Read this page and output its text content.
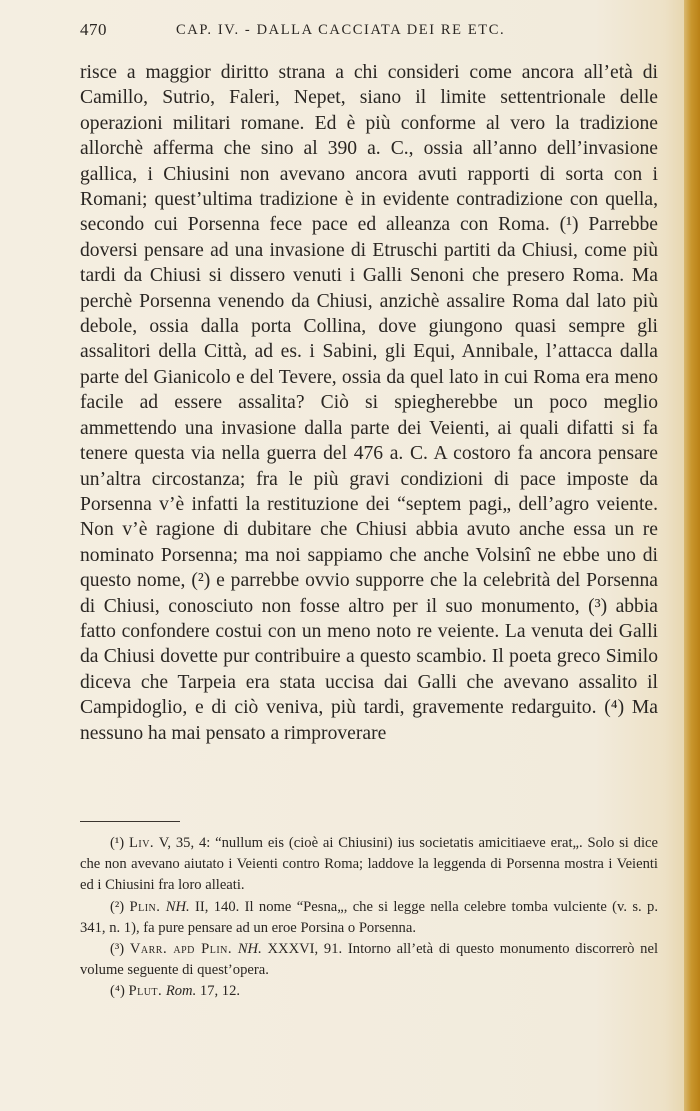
470	CAP. IV. - DALLA CACCIATA DEI RE ETC.

risce a maggior diritto strana a chi consideri come ancora all’età di Camillo, Sutrio, Faleri, Nepet, siano il limite settentrionale delle operazioni militari romane. Ed è più conforme al vero la tradizione allorchè afferma che sino al 390 a. C., ossia all’anno dell’invasione gallica, i Chiusini non avevano ancora avuti rapporti di sorta con i Romani; quest’ultima tradizione è in evidente contradizione con quella, secondo cui Porsenna fece pace ed alleanza con Roma. (¹) Parrebbe doversi pensare ad una invasione di Etruschi partiti da Chiusi, come più tardi da Chiusi si dissero venuti i Galli Senoni che presero Roma. Ma perchè Porsenna venendo da Chiusi, anzichè assalire Roma dal lato più debole, ossia dalla porta Collina, dove giungono quasi sempre gli assalitori della Città, ad es. i Sabini, gli Equi, Annibale, l’attacca dalla parte del Gianicolo e del Tevere, ossia da quel lato in cui Roma era meno facile ad essere assalita? Ciò si spiegherebbe un poco meglio ammettendo una invasione dalla parte dei Veienti, ai quali difatti si fa tenere questa via nella guerra del 476 a. C. A costoro fa ancora pensare un’altra circostanza; fra le più gravi condizioni di pace imposte da Porsenna v’è infatti la restituzione dei “septem pagi„ dell’agro veiente. Non v’è ragione di dubitare che Chiusi abbia avuto anche essa un re nominato Porsenna; ma noi sappiamo che anche Volsinî ne ebbe uno di questo nome, (²) e parrebbe ovvio supporre che la celebrità del Porsenna di Chiusi, conosciuto non fosse altro per il suo monumento, (³) abbia fatto confondere costui con un meno noto re veiente. La venuta dei Galli da Chiusi dovette pur contribuire a questo scambio. Il poeta greco Similo diceva che Tarpeia era stata uccisa dai Galli che avevano assalito il Campidoglio, e di ciò veniva, più tardi, gravemente redarguito. (⁴) Ma nessuno ha mai pensato a rimproverare

(¹) Liv. V, 35, 4: “nullum eis (cioè ai Chiusini) ius societatis amicitiaeve erat„. Solo si dice che non avevano aiutato i Veienti contro Roma; laddove la leggenda di Porsenna mostra i Veienti ed i Chiusini fra loro alleati.

(²) Plin. NH. II, 140. Il nome “Pesna„, che si legge nella celebre tomba vulciente (v. s. p. 341, n. 1), fa pure pensare ad un eroe Porsina o Porsenna.

(³) Varr. apd Plin. NH. XXXVI, 91. Intorno all’età di questo monumento discorrerò nel volume seguente di quest’opera.

(⁴) Plut. Rom. 17, 12.
